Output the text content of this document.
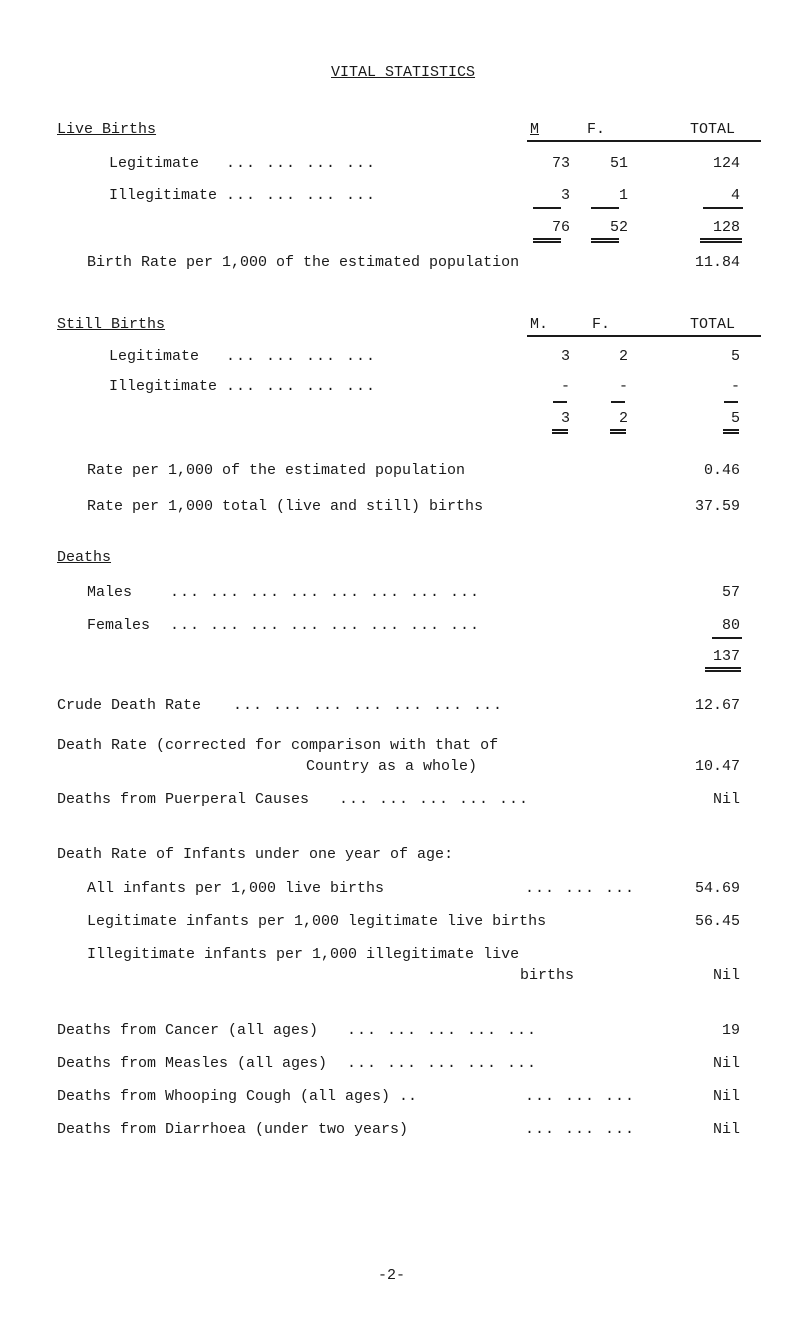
VITAL STATISTICS
Live Births	M	F.	TOTAL
Legitimate ... ... ... ...	73	51	124
Illegitimate ... ... ... ...	3	1	4
76	52	128
Birth Rate per 1,000 of the estimated population	11.84
Still Births	M.	F.	TOTAL
Legitimate ... ... ... ...	3	2	5
Illegitimate ... ... ... ...	-	-	-
3	2	5
Rate per 1,000 of the estimated population	0.46
Rate per 1,000 total (live and still) births	37.59
Deaths
Males	... ... ... ... ... ... ... ...	57
Females ... ... ... ... ... ... ... ...	80
137
Crude Death Rate ... ... ... ... ... ... ...	12.67
Death Rate (corrected for comparison with that of
Country as a whole)	10.47
Deaths from Puerperal Causes ... ... ... ... ...	Nil
Death Rate of Infants under one year of age:
All infants per 1,000 live births	... ... ...	54.69
Legitimate infants per 1,000 legitimate live births	56.45
Illegitimate infants per 1,000 illegitimate live
births	Nil
Deaths from Cancer (all ages) ... ... ... ... ...	19
Deaths from Measles (all ages) ... ... ... ... ...	Nil
Deaths from Whooping Cough (all ages) ..	... ... ...	Nil
Deaths from Diarrhoea (under two years)	... ... ...	Nil
-2-
